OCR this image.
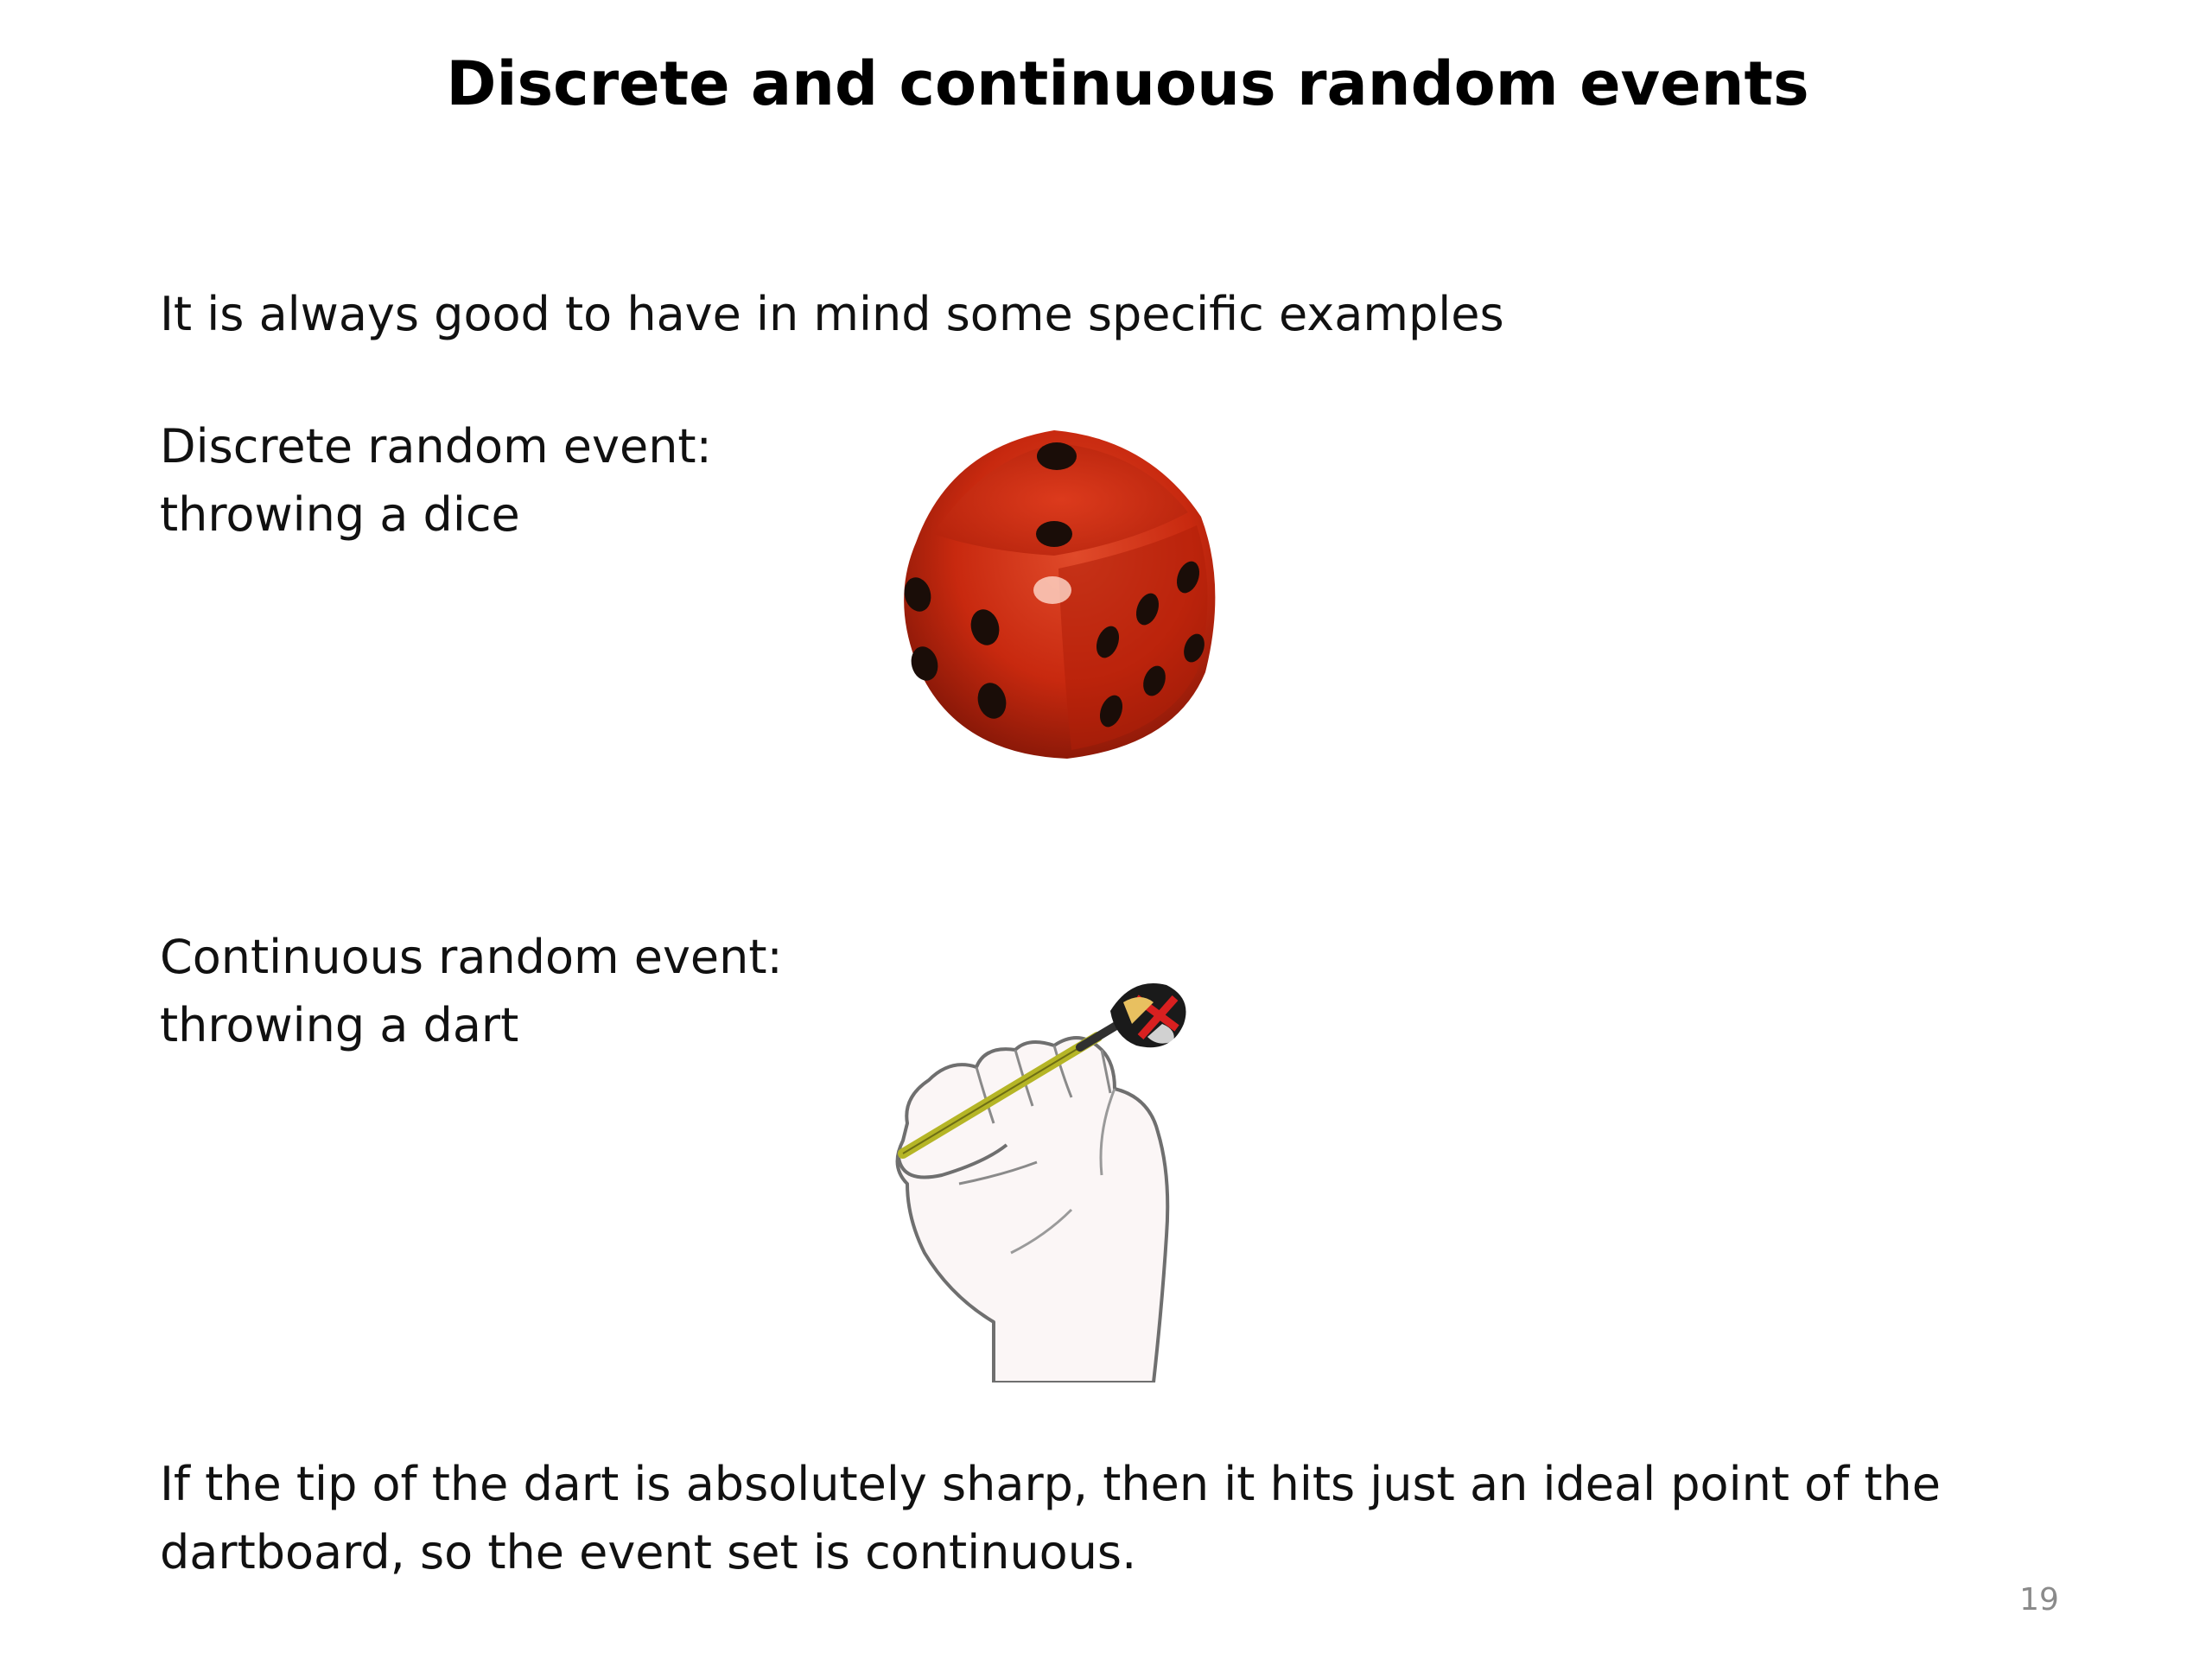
Discrete and continuous random events
It is always good to have in mind some specific examples
Discrete random event:
throwing a dice
Continuous random event:
throwing a dart
If the tip of the dart is absolutely sharp, then it hits just an ideal point of the
dartboard, so the event set is continuous.
19
